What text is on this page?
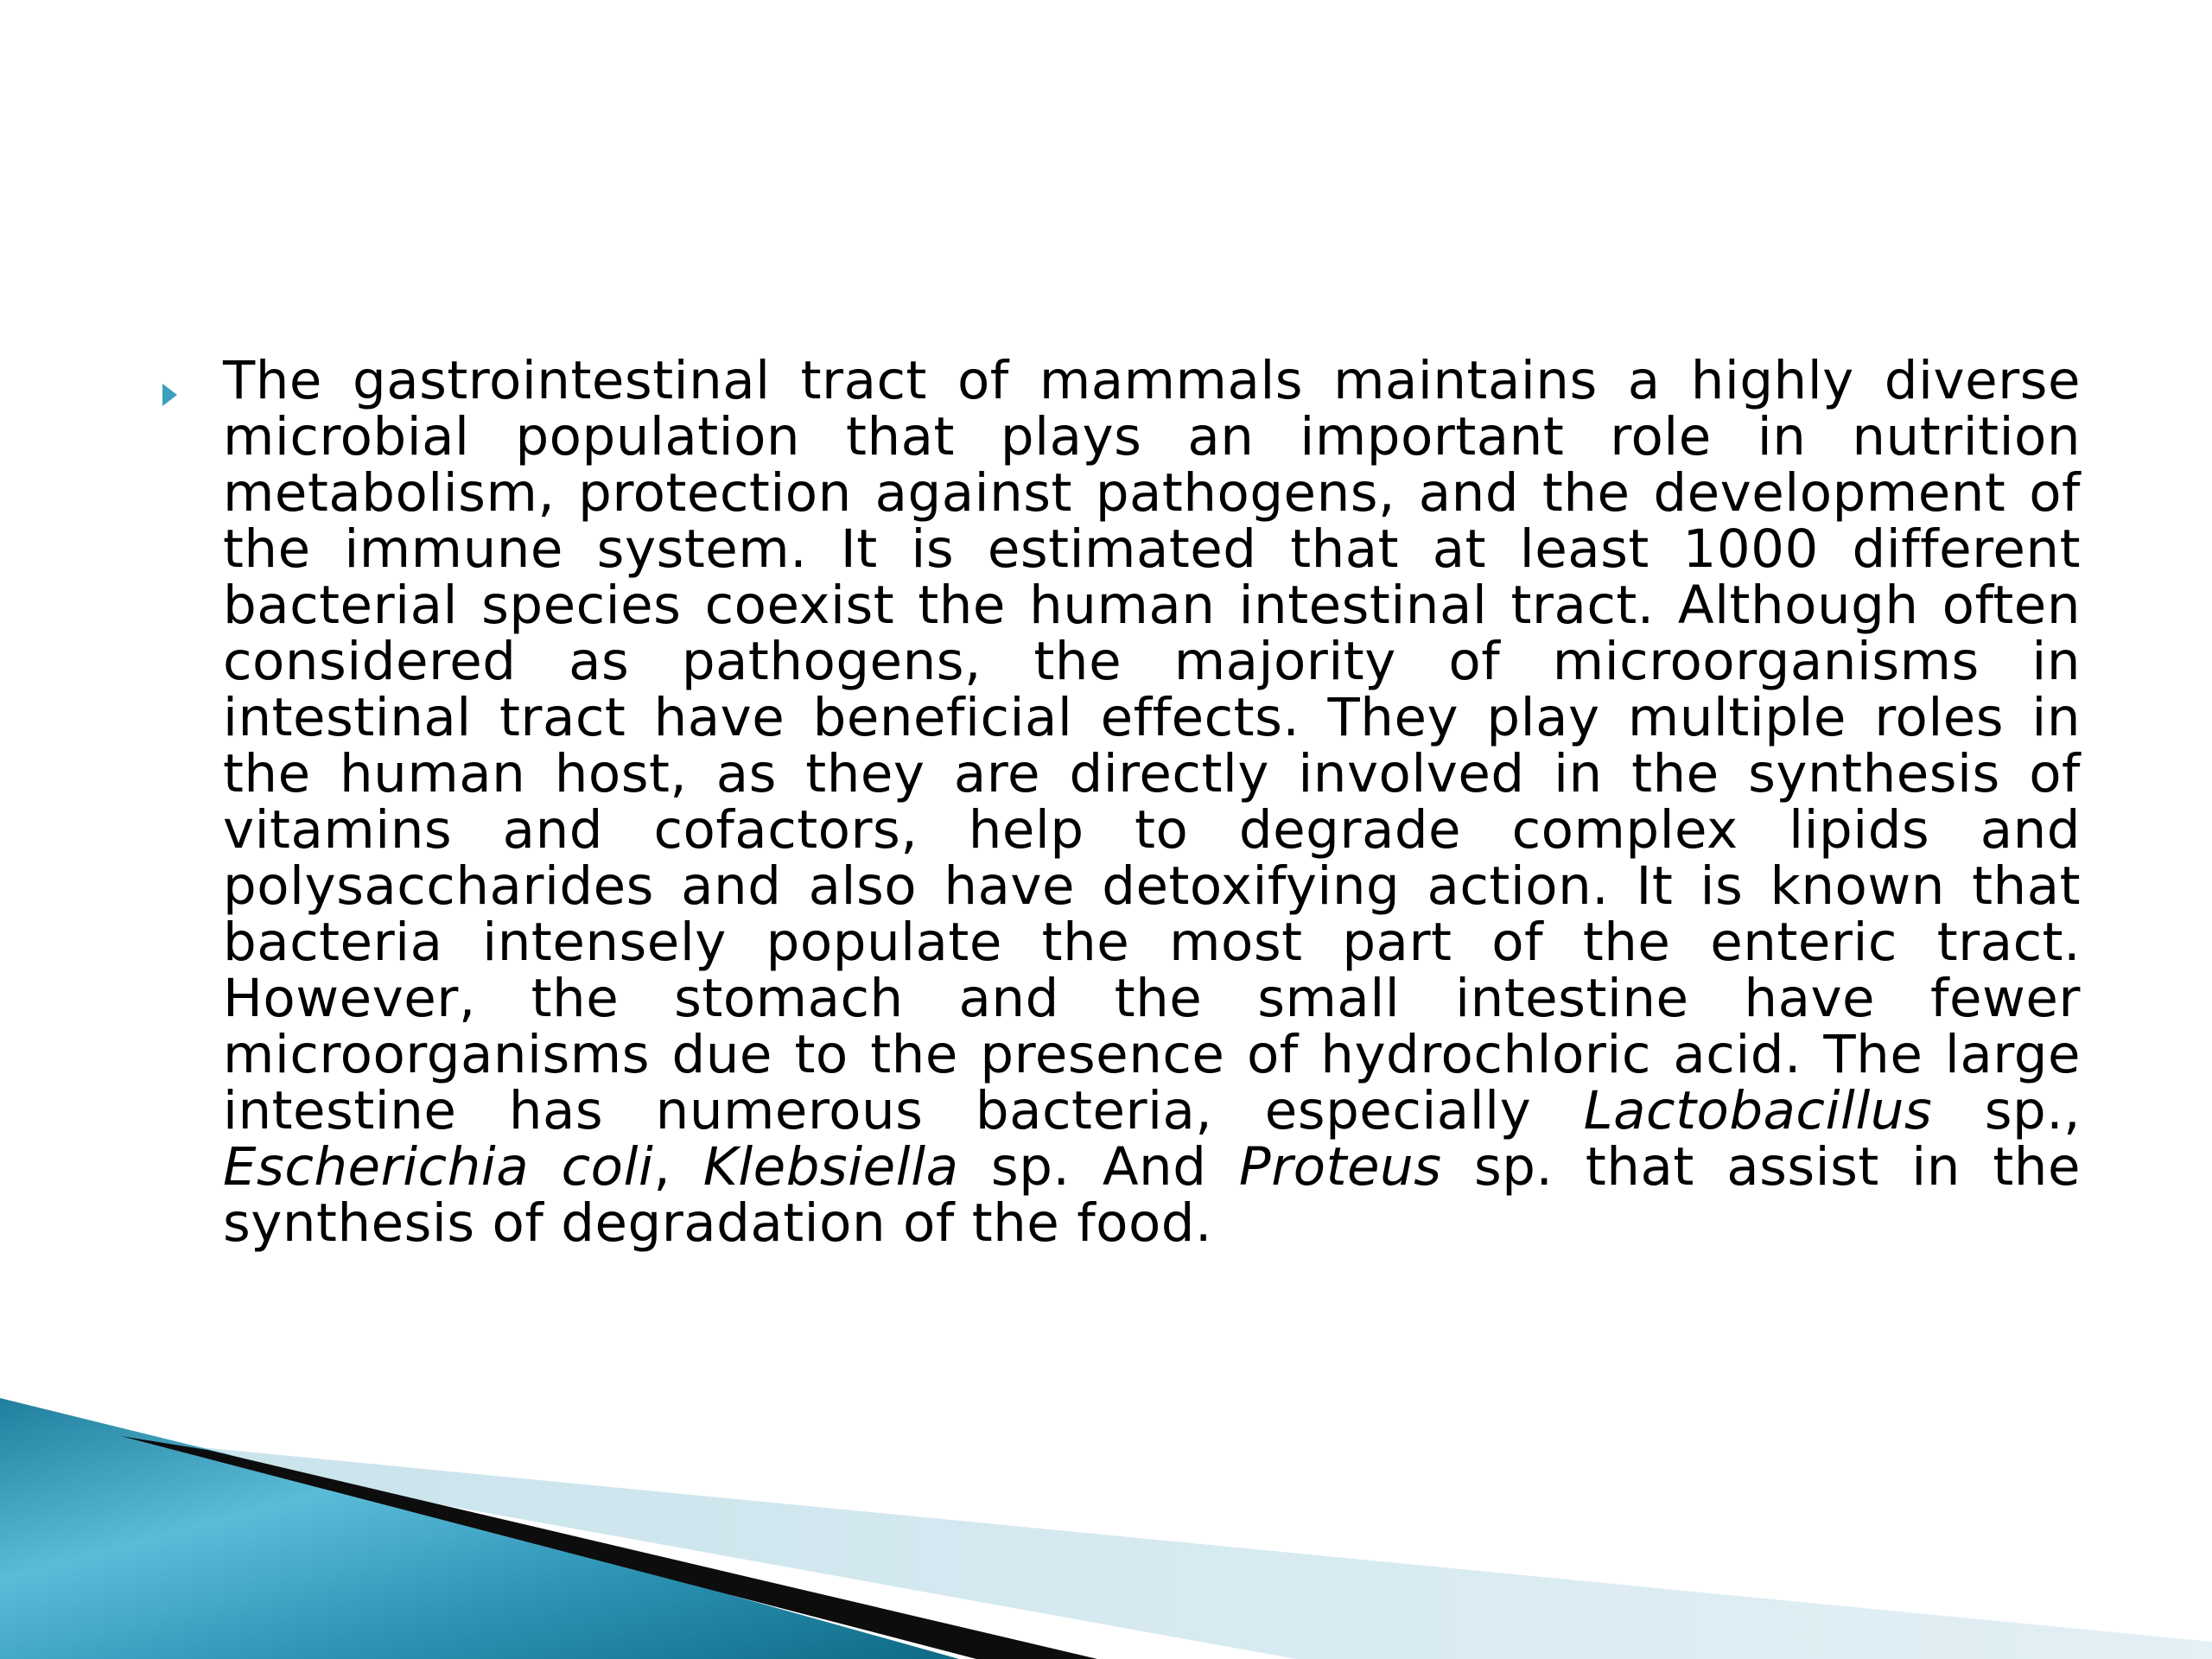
The gastrointestinal tract of mammals maintains a highly diverse microbial population that plays an important role in nutrition metabolism, protection against pathogens, and the development of the immune system. It is estimated that at least 1000 different bacterial species coexist the human intestinal tract. Although often considered as pathogens, the majority of microorganisms in intestinal tract have beneficial effects. They play multiple roles in the human host, as they are directly involved in the synthesis of vitamins and cofactors, help to degrade complex lipids and polysaccharides and also have detoxifying action. It is known that bacteria intensely populate the most part of the enteric tract. However, the stomach and the small intestine have fewer microorganisms due to the presence of hydrochloric acid. The large intestine has numerous bacteria, especially Lactobacillus sp., Escherichia coli, Klebsiella sp. And Proteus sp. that assist in the synthesis of degradation of the food.
